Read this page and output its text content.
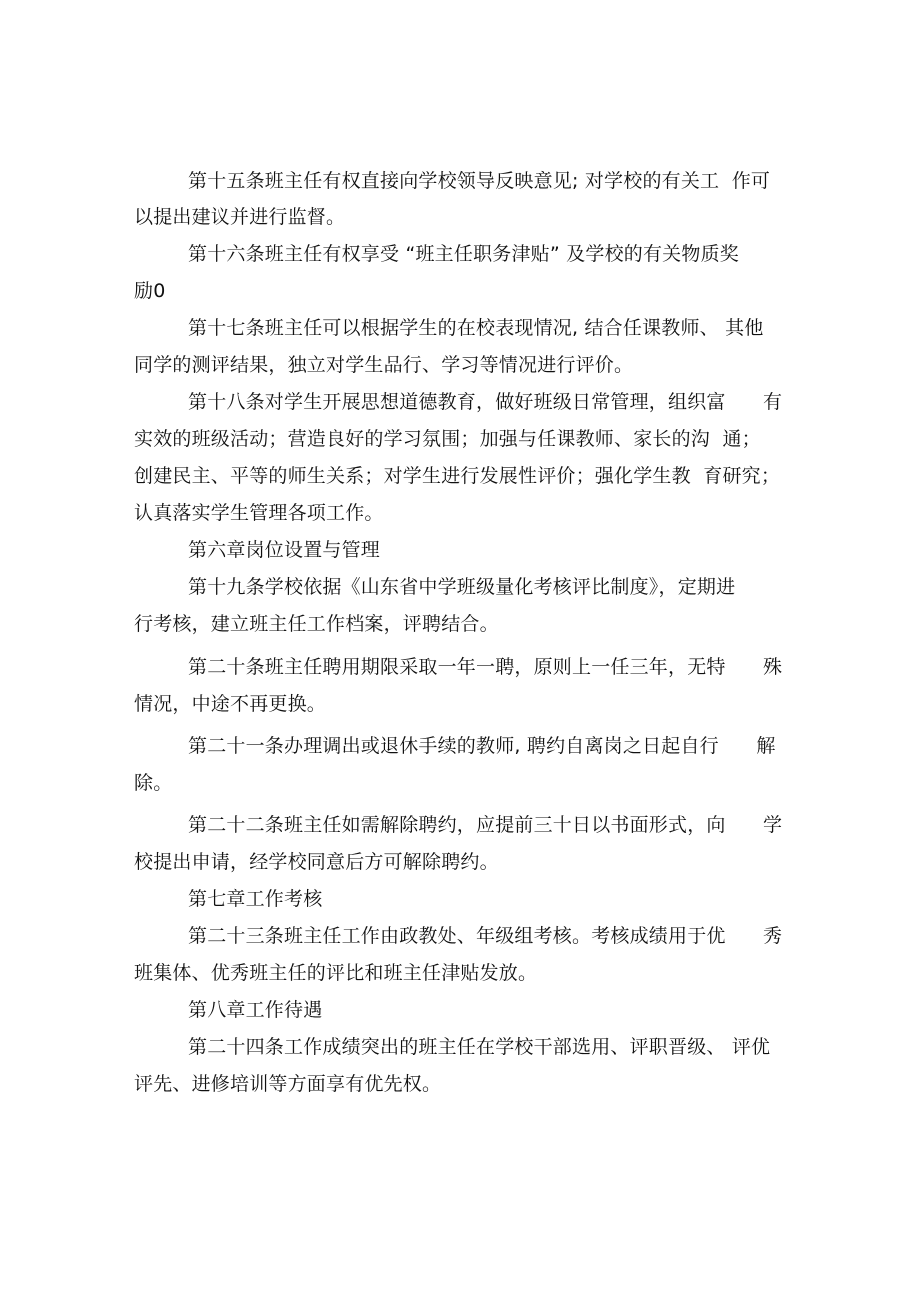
第十五条班主任有权直接向学校领导反映意见; 对学校的有关工  作可
以提出建议并进行监督。
第十六条班主任有权享受 “班主任职务津贴” 及学校的有关物质奖
励0
第十七条班主任可以根据学生的在校表现情况, 结合任课教师、 其他
同学的测评结果，独立对学生品行、学习等情况进行评价。
第十八条对学生开展思想道德教育，做好班级日常管理，组织富      有
实效的班级活动；营造良好的学习氛围；加强与任课教师、家长的沟  通；
创建民主、平等的师生关系；对学生进行发展性评价；强化学生教  育研究；
认真落实学生管理各项工作。
第六章岗位设置与管理
第十九条学校依据《山东省中学班级量化考核评比制度》，定期进
行考核，建立班主任工作档案，评聘结合。
第二十条班主任聘用期限采取一年一聘，原则上一任三年，无特      殊
情况，中途不再更换。
第二十一条办理调出或退休手续的教师, 聘约自离岗之日起自行      解
除。
第二十二条班主任如需解除聘约，应提前三十日以书面形式，向      学
校提出申请，经学校同意后方可解除聘约。
第七章工作考核
第二十三条班主任工作由政教处、年级组考核。考核成绩用于优      秀
班集体、优秀班主任的评比和班主任津贴发放。
第八章工作待遇
第二十四条工作成绩突出的班主任在学校干部选用、评职晋级、 评优
评先、进修培训等方面享有优先权。
